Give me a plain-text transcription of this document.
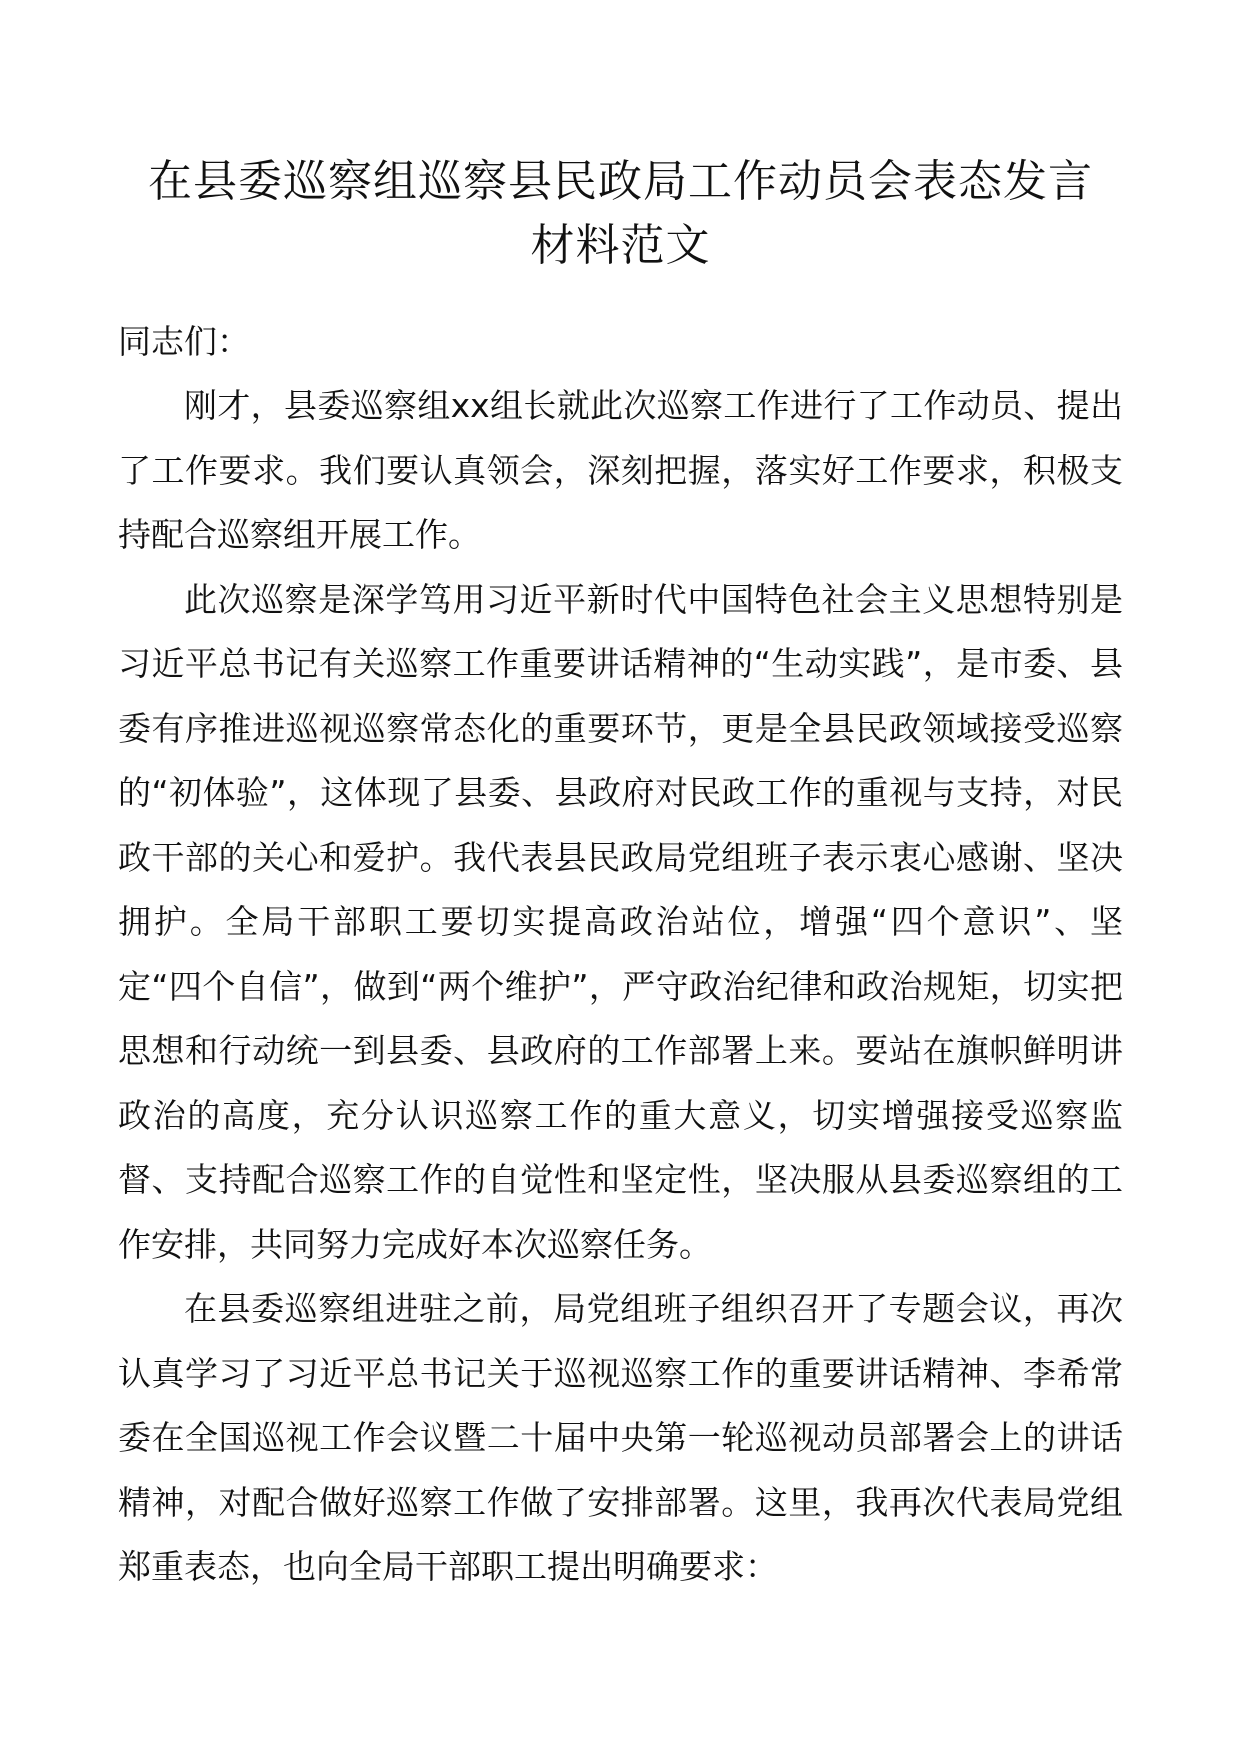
在县委巡察组巡察县民政局工作动员会表态发言
材料范文

同志们：

刚才，县委巡察组xx组长就此次巡察工作进行了工作动员、提出了工作要求。我们要认真领会，深刻把握，落实好工作要求，积极支持配合巡察组开展工作。

此次巡察是深学笃用习近平新时代中国特色社会主义思想特别是习近平总书记有关巡察工作重要讲话精神的“生动实践”，是市委、县委有序推进巡视巡察常态化的重要环节，更是全县民政领域接受巡察的“初体验”，这体现了县委、县政府对民政工作的重视与支持，对民政干部的关心和爱护。我代表县民政局党组班子表示衷心感谢、坚决拥护。全局干部职工要切实提高政治站位，增强“四个意识”、坚定“四个自信”，做到“两个维护”，严守政治纪律和政治规矩，切实把思想和行动统一到县委、县政府的工作部署上来。要站在旗帜鲜明讲政治的高度，充分认识巡察工作的重大意义，切实增强接受巡察监督、支持配合巡察工作的自觉性和坚定性，坚决服从县委巡察组的工作安排，共同努力完成好本次巡察任务。

在县委巡察组进驻之前，局党组班子组织召开了专题会议，再次认真学习了习近平总书记关于巡视巡察工作的重要讲话精神、李希常委在全国巡视工作会议暨二十届中央第一轮巡视动员部署会上的讲话精神，对配合做好巡察工作做了安排部署。这里，我再次代表局党组郑重表态，也向全局干部职工提出明确要求：
